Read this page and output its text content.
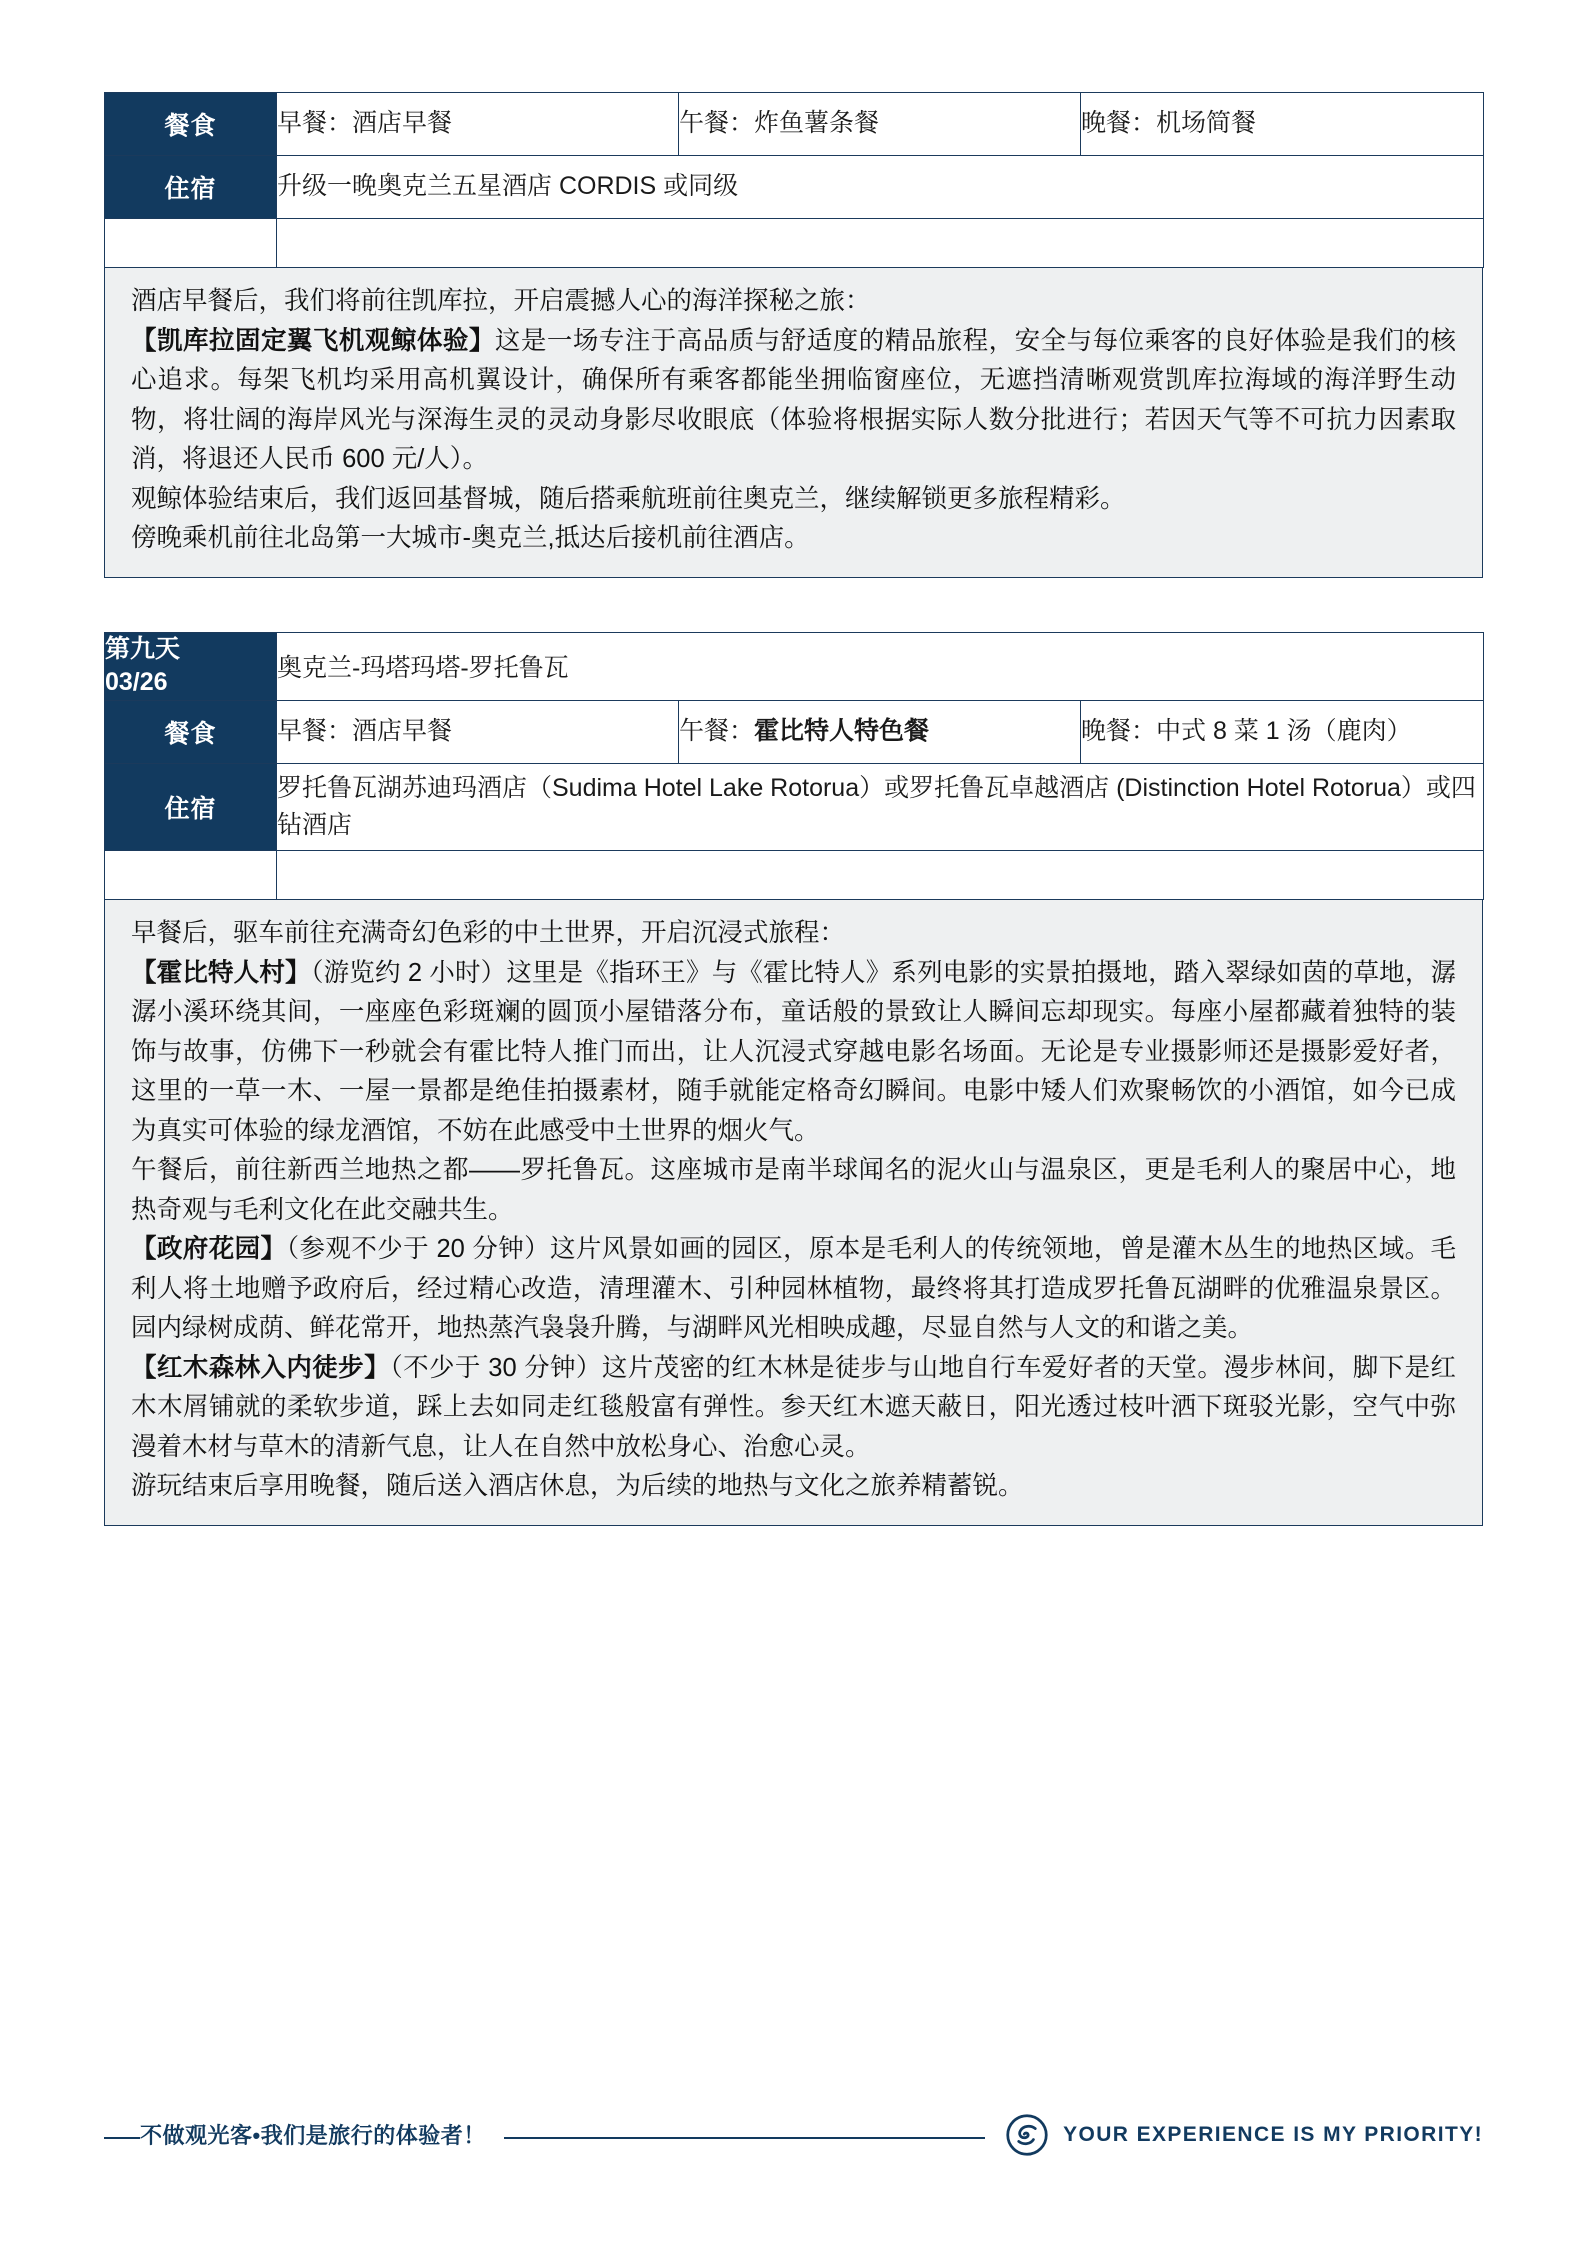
餐食	早餐：酒店早餐	午餐：炸鱼薯条餐	晚餐：机场简餐
住宿	升级一晚奥克兰五星酒店 CORDIS 或同级		

酒店早餐后，我们将前往凯库拉，开启震撼人心的海洋探秘之旅：

【凯库拉固定翼飞机观鲸体验】这是一场专注于高品质与舒适度的精品旅程，安全与每位乘客的良好体验是我们的核心追求。每架飞机均采用高机翼设计，确保所有乘客都能坐拥临窗座位，无遮挡清晰观赏凯库拉海域的海洋野生动物，将壮阔的海岸风光与深海生灵的灵动身影尽收眼底（体验将根据实际人数分批进行；若因天气等不可抗力因素取消，将退还人民币 600 元/人）。

观鲸体验结束后，我们返回基督城，随后搭乘航班前往奥克兰，继续解锁更多旅程精彩。

傍晚乘机前往北岛第一大城市-奥克兰,抵达后接机前往酒店。

第九天
03/26	奥克兰-玛塔玛塔-罗托鲁瓦		
餐食	早餐：酒店早餐	午餐：霍比特人特色餐	晚餐：中式 8 菜 1 汤（鹿肉）
住宿	罗托鲁瓦湖苏迪玛酒店（Sudima Hotel Lake Rotorua）或罗托鲁瓦卓越酒店 (Distinction Hotel Rotorua）或四钻酒店		

早餐后，驱车前往充满奇幻色彩的中土世界，开启沉浸式旅程：

【霍比特人村】（游览约 2 小时）这里是《指环王》与《霍比特人》系列电影的实景拍摄地，踏入翠绿如茵的草地，潺潺小溪环绕其间，一座座色彩斑斓的圆顶小屋错落分布，童话般的景致让人瞬间忘却现实。每座小屋都藏着独特的装饰与故事，仿佛下一秒就会有霍比特人推门而出，让人沉浸式穿越电影名场面。无论是专业摄影师还是摄影爱好者，这里的一草一木、一屋一景都是绝佳拍摄素材，随手就能定格奇幻瞬间。电影中矮人们欢聚畅饮的小酒馆，如今已成为真实可体验的绿龙酒馆，不妨在此感受中土世界的烟火气。

午餐后，前往新西兰地热之都——罗托鲁瓦。这座城市是南半球闻名的泥火山与温泉区，更是毛利人的聚居中心，地热奇观与毛利文化在此交融共生。

【政府花园】（参观不少于 20 分钟）这片风景如画的园区，原本是毛利人的传统领地，曾是灌木丛生的地热区域。毛利人将土地赠予政府后，经过精心改造，清理灌木、引种园林植物，最终将其打造成罗托鲁瓦湖畔的优雅温泉景区。园内绿树成荫、鲜花常开，地热蒸汽袅袅升腾，与湖畔风光相映成趣，尽显自然与人文的和谐之美。

【红木森林入内徒步】（不少于 30 分钟）这片茂密的红木林是徒步与山地自行车爱好者的天堂。漫步林间，脚下是红木木屑铺就的柔软步道，踩上去如同走红毯般富有弹性。参天红木遮天蔽日，阳光透过枝叶洒下斑驳光影，空气中弥漫着木材与草木的清新气息，让人在自然中放松身心、治愈心灵。

游玩结束后享用晚餐，随后送入酒店休息，为后续的地热与文化之旅养精蓄锐。

不做观光客•我们是旅行的体验者！	YOUR EXPERIENCE IS MY PRIORITY!
